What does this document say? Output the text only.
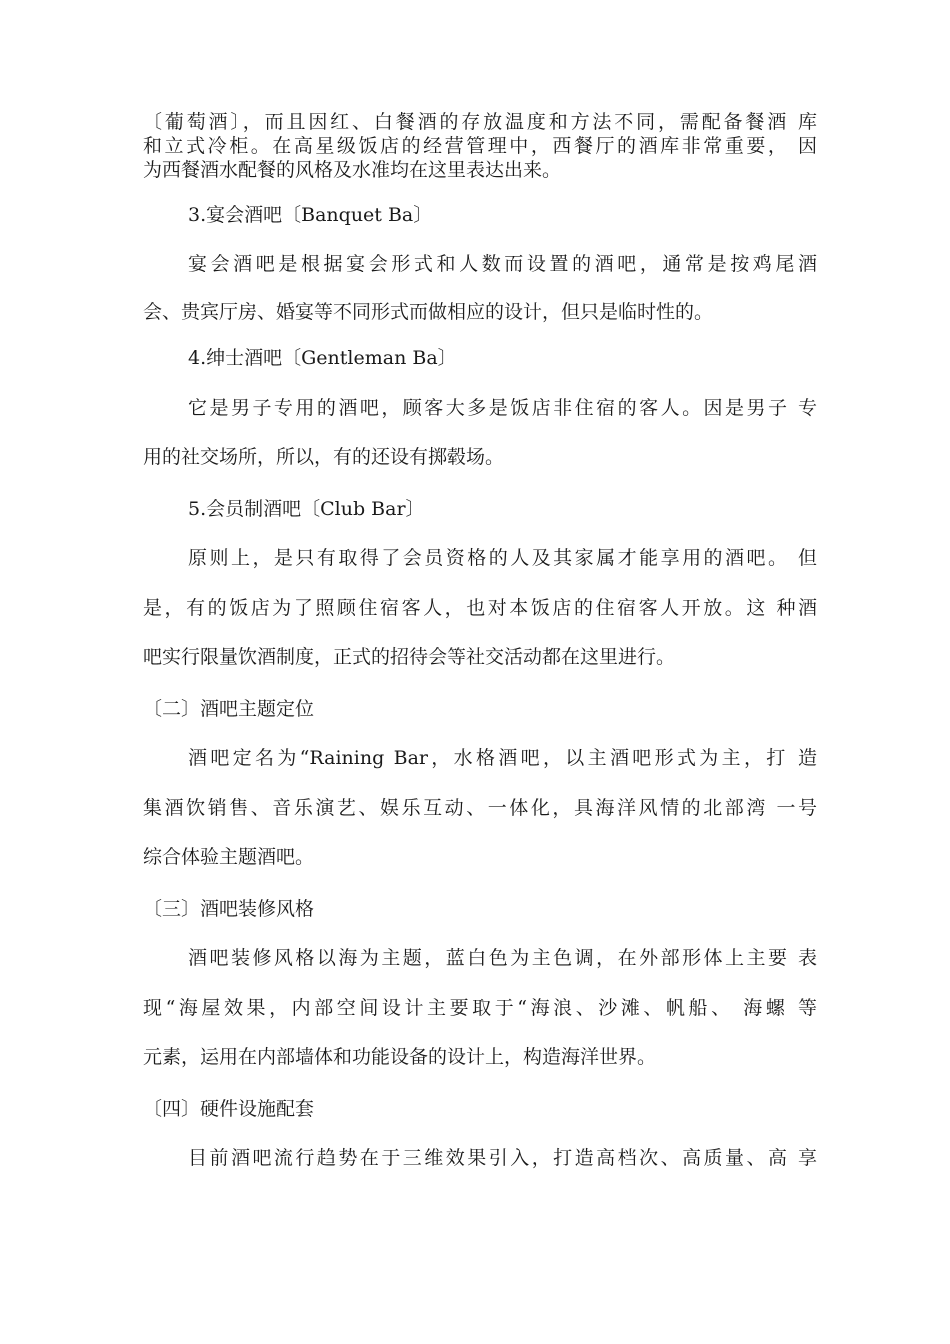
〔葡萄酒〕，而且因红、白餐酒的存放温度和方法不同，需配备餐酒 库
和立式冷柜。在高星级饭店的经营管理中，西餐厅的酒库非常重要， 因
为西餐酒水配餐的风格及水准均在这里表达出来。
3.宴会酒吧〔Banquet Ba〕
宴会酒吧是根据宴会形式和人数而设置的酒吧，通常是按鸡尾酒
会、贵宾厅房、婚宴等不同形式而做相应的设计，但只是临时性的。
4.绅士酒吧〔Gentleman Ba〕
它是男子专用的酒吧，顾客大多是饭店非住宿的客人。因是男子 专
用的社交场所，所以，有的还设有掷毂场。
5.会员制酒吧〔Club Bar〕
原则上，是只有取得了会员资格的人及其家属才能享用的酒吧。 但
是，有的饭店为了照顾住宿客人，也对本饭店的住宿客人开放。这 种酒
吧实行限量饮酒制度，正式的招待会等社交活动都在这里进行。
〔二〕酒吧主题定位
酒吧定名为“Raining Bar，水格酒吧，以主酒吧形式为主，打 造
集酒饮销售、音乐演艺、娱乐互动、一体化，具海洋风情的北部湾 一号
综合体验主题酒吧。
〔三〕酒吧装修风格
酒吧装修风格以海为主题，蓝白色为主色调，在外部形体上主要 表
现“海屋效果，内部空间设计主要取于“海浪、沙滩、帆船、 海螺 等
元素，运用在内部墙体和功能设备的设计上，构造海洋世界。
〔四〕硬件设施配套
目前酒吧流行趋势在于三维效果引入，打造高档次、高质量、高 享
